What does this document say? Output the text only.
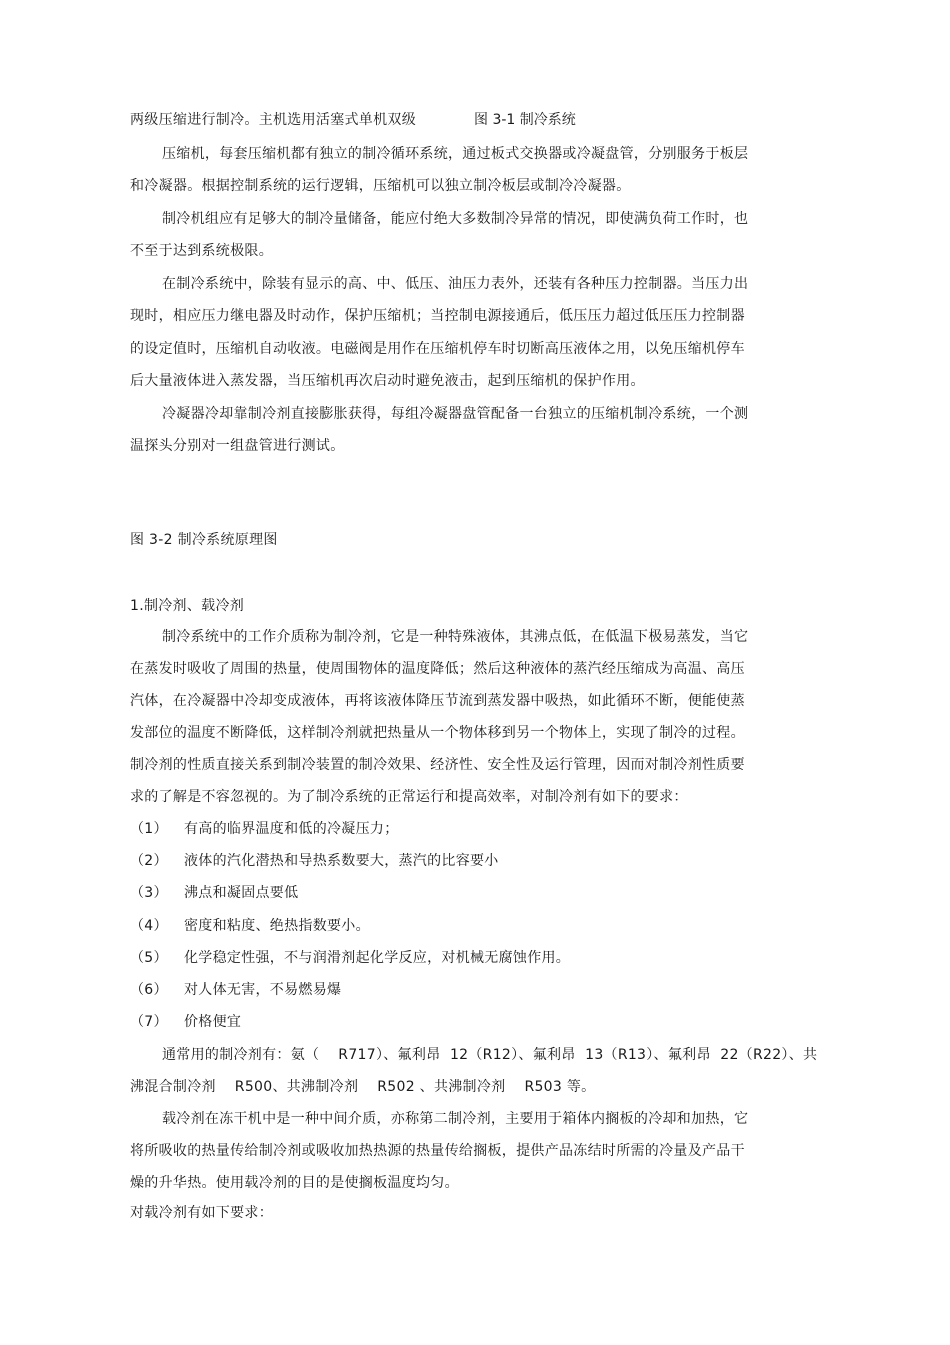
两级压缩进行制冷。主机选用活塞式单机双级	图 3-1 制冷系统
压缩机，每套压缩机都有独立的制冷循环系统，通过板式交换器或冷凝盘管，分别服务于板层
和冷凝器。根据控制系统的运行逻辑，压缩机可以独立制冷板层或制冷冷凝器。
制冷机组应有足够大的制冷量储备，能应付绝大多数制冷异常的情况，即使满负荷工作时，也
不至于达到系统极限。
在制冷系统中，除装有显示的高、中、低压、油压力表外，还装有各种压力控制器。当压力出
现时，相应压力继电器及时动作，保护压缩机；当控制电源接通后，低压压力超过低压压力控制器
的设定值时，压缩机自动收液。电磁阀是用作在压缩机停车时切断高压液体之用，以免压缩机停车
后大量液体进入蒸发器，当压缩机再次启动时避免液击，起到压缩机的保护作用。
冷凝器冷却靠制冷剂直接膨胀获得，每组冷凝器盘管配备一台独立的压缩机制冷系统，一个测
温探头分别对一组盘管进行测试。
图 3-2 制冷系统原理图
1.制冷剂、载冷剂
制冷系统中的工作介质称为制冷剂，它是一种特殊液体，其沸点低，在低温下极易蒸发，当它
在蒸发时吸收了周围的热量，使周围物体的温度降低；然后这种液体的蒸汽经压缩成为高温、高压
汽体，在冷凝器中冷却变成液体，再将该液体降压节流到蒸发器中吸热，如此循环不断，便能使蒸
发部位的温度不断降低，这样制冷剂就把热量从一个物体移到另一个物体上，实现了制冷的过程。
制冷剂的性质直接关系到制冷装置的制冷效果、经济性、安全性及运行管理，因而对制冷剂性质要
求的了解是不容忽视的。为了制冷系统的正常运行和提高效率，对制冷剂有如下的要求：
（1） 有高的临界温度和低的冷凝压力；
（2） 液体的汽化潜热和导热系数要大，蒸汽的比容要小
（3） 沸点和凝固点要低
（4） 密度和粘度、绝热指数要小。
（5） 化学稳定性强，不与润滑剂起化学反应，对机械无腐蚀作用。
（6） 对人体无害，不易燃易爆
（7） 价格便宜
通常用的制冷剂有：氨（    R717）、氟利昂  12（R12）、氟利昂  13（R13）、氟利昂  22（R22）、共
沸混合制冷剂    R500、共沸制冷剂    R502 、共沸制冷剂    R503 等。
载冷剂在冻干机中是一种中间介质，亦称第二制冷剂，主要用于箱体内搁板的冷却和加热，它
将所吸收的热量传给制冷剂或吸收加热热源的热量传给搁板，提供产品冻结时所需的冷量及产品干
燥的升华热。使用载冷剂的目的是使搁板温度均匀。
对载冷剂有如下要求：
